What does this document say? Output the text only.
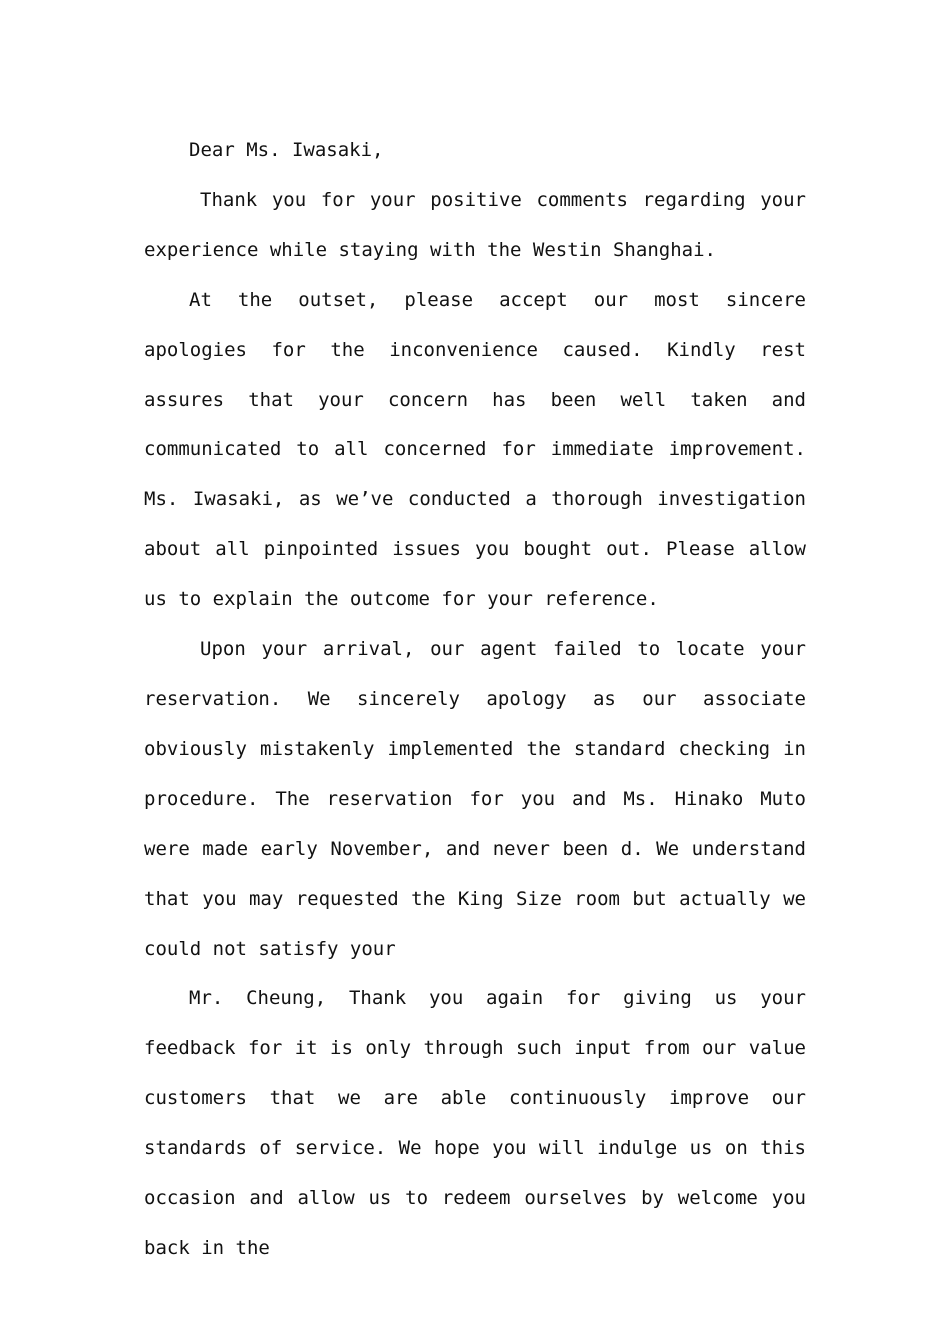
Dear Ms. Iwasaki,

Thank you for your positive comments regarding your experience while staying with the Westin Shanghai.

At the outset, please accept our most sincere apologies for the inconvenience caused. Kindly rest assures that your concern has been well taken and communicated to all concerned for immediate improvement. Ms. Iwasaki, as we’ve conducted a thorough investigation about all pinpointed issues you bought out. Please allow us to explain the outcome for your reference.

Upon your arrival, our agent failed to locate your reservation. We sincerely apology as our associate obviously mistakenly implemented the standard checking in procedure. The reservation for you and Ms. Hinako Muto were made early November, and never been d. We understand that you may requested the King Size room but actually we could not satisfy your

Mr. Cheung, Thank you again for giving us your feedback for it is only through such input from our value customers that we are able continuously improve our standards of service. We hope you will indulge us on this occasion and allow us to redeem ourselves by welcome you back in the
